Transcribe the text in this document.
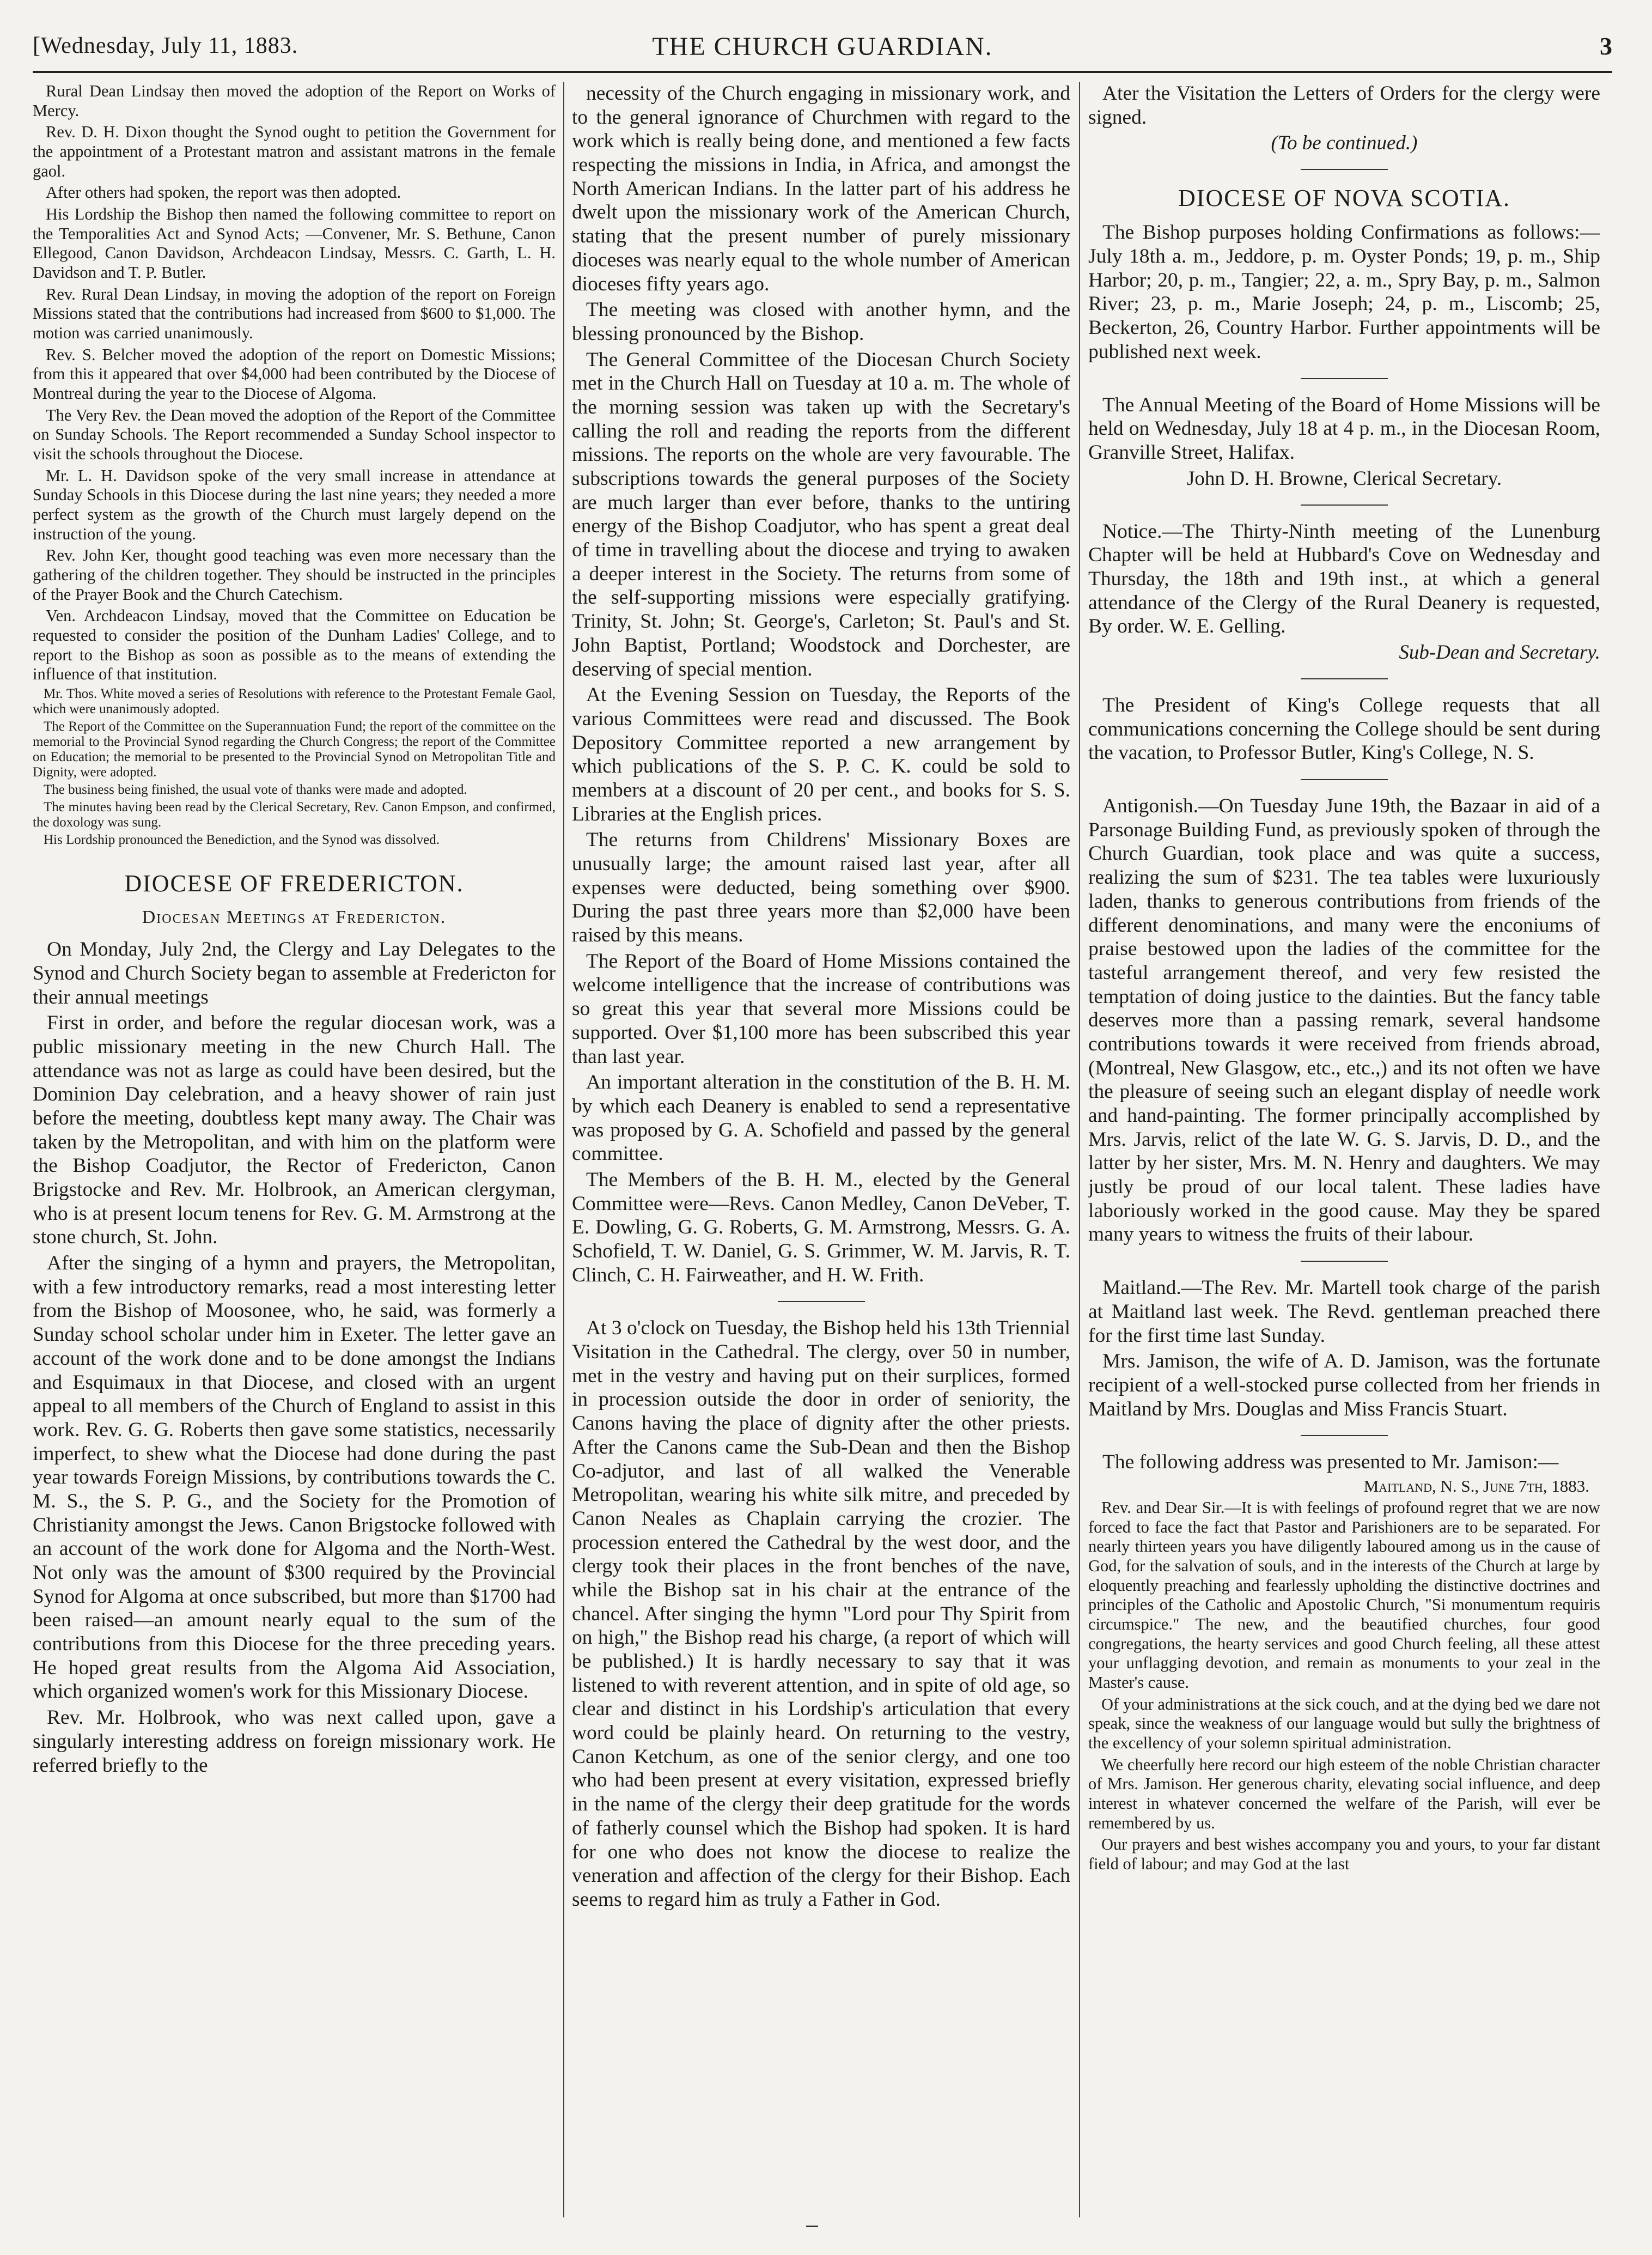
[Wednesday, July 11, 1883.	THE CHURCH GUARDIAN.	3

Rural Dean Lindsay then moved the adoption of the Report on Works of Mercy.

Rev. D. H. Dixon thought the Synod ought to petition the Government for the appointment of a Protestant matron and assistant matrons in the female gaol.

After others had spoken, the report was then adopted.

His Lordship the Bishop then named the following committee to report on the Temporalities Act and Synod Acts; —Convener, Mr. S. Bethune, Canon Ellegood, Canon Davidson, Archdeacon Lindsay, Messrs. C. Garth, L. H. Davidson and T. P. Butler.

Rev. Rural Dean Lindsay, in moving the adoption of the report on Foreign Missions stated that the contributions had increased from $600 to $1,000. The motion was carried unanimously.

Rev. S. Belcher moved the adoption of the report on Domestic Missions; from this it appeared that over $4,000 had been contributed by the Diocese of Montreal during the year to the Diocese of Algoma.

The Very Rev. the Dean moved the adoption of the Report of the Committee on Sunday Schools. The Report recommended a Sunday School inspector to visit the schools throughout the Diocese.

Mr. L. H. Davidson spoke of the very small increase in attendance at Sunday Schools in this Diocese during the last nine years; they needed a more perfect system as the growth of the Church must largely depend on the instruction of the young.

Rev. John Ker, thought good teaching was even more necessary than the gathering of the children together. They should be instructed in the principles of the Prayer Book and the Church Catechism.

Ven. Archdeacon Lindsay, moved that the Committee on Education be requested to consider the position of the Dunham Ladies' College, and to report to the Bishop as soon as possible as to the means of extending the influence of that institution.

Mr. Thos. White moved a series of Resolutions with reference to the Protestant Female Gaol, which were unanimously adopted.

The Report of the Committee on the Superannuation Fund; the report of the committee on the memorial to the Provincial Synod regarding the Church Congress; the report of the Committee on Education; the memorial to be presented to the Provincial Synod on Metropolitan Title and Dignity, were adopted.

The business being finished, the usual vote of thanks were made and adopted.

The minutes having been read by the Clerical Secretary, Rev. Canon Empson, and confirmed, the doxology was sung.

His Lordship pronounced the Benediction, and the Synod was dissolved.

DIOCESE OF FREDERICTON.
Diocesan Meetings at Fredericton.

On Monday, July 2nd, the Clergy and Lay Delegates to the Synod and Church Society began to assemble at Fredericton for their annual meetings

First in order, and before the regular diocesan work, was a public missionary meeting in the new Church Hall. The attendance was not as large as could have been desired, but the Dominion Day celebration, and a heavy shower of rain just before the meeting, doubtless kept many away. The Chair was taken by the Metropolitan, and with him on the platform were the Bishop Coadjutor, the Rector of Fredericton, Canon Brigstocke and Rev. Mr. Holbrook, an American clergyman, who is at present locum tenens for Rev. G. M. Armstrong at the stone church, St. John.

After the singing of a hymn and prayers, the Metropolitan, with a few introductory remarks, read a most interesting letter from the Bishop of Moosonee, who, he said, was formerly a Sunday school scholar under him in Exeter. The letter gave an account of the work done and to be done amongst the Indians and Esquimaux in that Diocese, and closed with an urgent appeal to all members of the Church of England to assist in this work. Rev. G. G. Roberts then gave some statistics, necessarily imperfect, to shew what the Diocese had done during the past year towards Foreign Missions, by contributions towards the C. M. S., the S. P. G., and the Society for the Promotion of Christianity amongst the Jews. Canon Brigstocke followed with an account of the work done for Algoma and the North-West. Not only was the amount of $300 required by the Provincial Synod for Algoma at once subscribed, but more than $1700 had been raised—an amount nearly equal to the sum of the contributions from this Diocese for the three preceding years. He hoped great results from the Algoma Aid Association, which organized women's work for this Missionary Diocese.

Rev. Mr. Holbrook, who was next called upon, gave a singularly interesting address on foreign missionary work. He referred briefly to the

necessity of the Church engaging in missionary work, and to the general ignorance of Churchmen with regard to the work which is really being done, and mentioned a few facts respecting the missions in India, in Africa, and amongst the North American Indians. In the latter part of his address he dwelt upon the missionary work of the American Church, stating that the present number of purely missionary dioceses was nearly equal to the whole number of American dioceses fifty years ago.

The meeting was closed with another hymn, and the blessing pronounced by the Bishop.

The General Committee of the Diocesan Church Society met in the Church Hall on Tuesday at 10 a. m. The whole of the morning session was taken up with the Secretary's calling the roll and reading the reports from the different missions. The reports on the whole are very favourable. The subscriptions towards the general purposes of the Society are much larger than ever before, thanks to the untiring energy of the Bishop Coadjutor, who has spent a great deal of time in travelling about the diocese and trying to awaken a deeper interest in the Society. The returns from some of the self-supporting missions were especially gratifying. Trinity, St. John; St. George's, Carleton; St. Paul's and St. John Baptist, Portland; Woodstock and Dorchester, are deserving of special mention.

At the Evening Session on Tuesday, the Reports of the various Committees were read and discussed. The Book Depository Committee reported a new arrangement by which publications of the S. P. C. K. could be sold to members at a discount of 20 per cent., and books for S. S. Libraries at the English prices.

The returns from Childrens' Missionary Boxes are unusually large; the amount raised last year, after all expenses were deducted, being something over $900. During the past three years more than $2,000 have been raised by this means.

The Report of the Board of Home Missions contained the welcome intelligence that the increase of contributions was so great this year that several more Missions could be supported. Over $1,100 more has been subscribed this year than last year.

An important alteration in the constitution of the B. H. M. by which each Deanery is enabled to send a representative was proposed by G. A. Schofield and passed by the general committee.

The Members of the B. H. M., elected by the General Committee were—Revs. Canon Medley, Canon DeVeber, T. E. Dowling, G. G. Roberts, G. M. Armstrong, Messrs. G. A. Schofield, T. W. Daniel, G. S. Grimmer, W. M. Jarvis, R. T. Clinch, C. H. Fairweather, and H. W. Frith.

At 3 o'clock on Tuesday, the Bishop held his 13th Triennial Visitation in the Cathedral. The clergy, over 50 in number, met in the vestry and having put on their surplices, formed in procession outside the door in order of seniority, the Canons having the place of dignity after the other priests. After the Canons came the Sub-Dean and then the Bishop Co-adjutor, and last of all walked the Venerable Metropolitan, wearing his white silk mitre, and preceded by Canon Neales as Chaplain carrying the crozier. The procession entered the Cathedral by the west door, and the clergy took their places in the front benches of the nave, while the Bishop sat in his chair at the entrance of the chancel. After singing the hymn "Lord pour Thy Spirit from on high," the Bishop read his charge, (a report of which will be published.) It is hardly necessary to say that it was listened to with reverent attention, and in spite of old age, so clear and distinct in his Lordship's articulation that every word could be plainly heard. On returning to the vestry, Canon Ketchum, as one of the senior clergy, and one too who had been present at every visitation, expressed briefly in the name of the clergy their deep gratitude for the words of fatherly counsel which the Bishop had spoken. It is hard for one who does not know the diocese to realize the veneration and affection of the clergy for their Bishop. Each seems to regard him as truly a Father in God.

Ater the Visitation the Letters of Orders for the clergy were signed.

(To be continued.)
DIOCESE OF NOVA SCOTIA.

The Bishop purposes holding Confirmations as follows:—July 18th a. m., Jeddore, p. m. Oyster Ponds; 19, p. m., Ship Harbor; 20, p. m., Tangier; 22, a. m., Spry Bay, p. m., Salmon River; 23, p. m., Marie Joseph; 24, p. m., Liscomb; 25, Beckerton, 26, Country Harbor. Further appointments will be published next week.

The Annual Meeting of the Board of Home Missions will be held on Wednesday, July 18 at 4 p. m., in the Diocesan Room, Granville Street, Halifax.

John D. H. Browne, Clerical Secretary.

Notice.—The Thirty-Ninth meeting of the Lunenburg Chapter will be held at Hubbard's Cove on Wednesday and Thursday, the 18th and 19th inst., at which a general attendance of the Clergy of the Rural Deanery is requested, By order. W. E. Gelling.

Sub-Dean and Secretary.

The President of King's College requests that all communications concerning the College should be sent during the vacation, to Professor Butler, King's College, N. S.

Antigonish.—On Tuesday June 19th, the Bazaar in aid of a Parsonage Building Fund, as previously spoken of through the Church Guardian, took place and was quite a success, realizing the sum of $231. The tea tables were luxuriously laden, thanks to generous contributions from friends of the different denominations, and many were the enconiums of praise bestowed upon the ladies of the committee for the tasteful arrangement thereof, and very few resisted the temptation of doing justice to the dainties. But the fancy table deserves more than a passing remark, several handsome contributions towards it were received from friends abroad, (Montreal, New Glasgow, etc., etc.,) and its not often we have the pleasure of seeing such an elegant display of needle work and hand-painting. The former principally accomplished by Mrs. Jarvis, relict of the late W. G. S. Jarvis, D. D., and the latter by her sister, Mrs. M. N. Henry and daughters. We may justly be proud of our local talent. These ladies have laboriously worked in the good cause. May they be spared many years to witness the fruits of their labour.

Maitland.—The Rev. Mr. Martell took charge of the parish at Maitland last week. The Revd. gentleman preached there for the first time last Sunday.

Mrs. Jamison, the wife of A. D. Jamison, was the fortunate recipient of a well-stocked purse collected from her friends in Maitland by Mrs. Douglas and Miss Francis Stuart.

The following address was presented to Mr. Jamison:—

Maitland, N. S., June 7th, 1883.

Rev. and Dear Sir.—It is with feelings of profound regret that we are now forced to face the fact that Pastor and Parishioners are to be separated. For nearly thirteen years you have diligently laboured among us in the cause of God, for the salvation of souls, and in the interests of the Church at large by eloquently preaching and fearlessly upholding the distinctive doctrines and principles of the Catholic and Apostolic Church, "Si monumentum requiris circumspice." The new, and the beautified churches, four good congregations, the hearty services and good Church feeling, all these attest your unflagging devotion, and remain as monuments to your zeal in the Master's cause.

Of your administrations at the sick couch, and at the dying bed we dare not speak, since the weakness of our language would but sully the brightness of the excellency of your solemn spiritual administration.

We cheerfully here record our high esteem of the noble Christian character of Mrs. Jamison. Her generous charity, elevating social influence, and deep interest in whatever concerned the welfare of the Parish, will ever be remembered by us.

Our prayers and best wishes accompany you and yours, to your far distant field of labour; and may God at the last
